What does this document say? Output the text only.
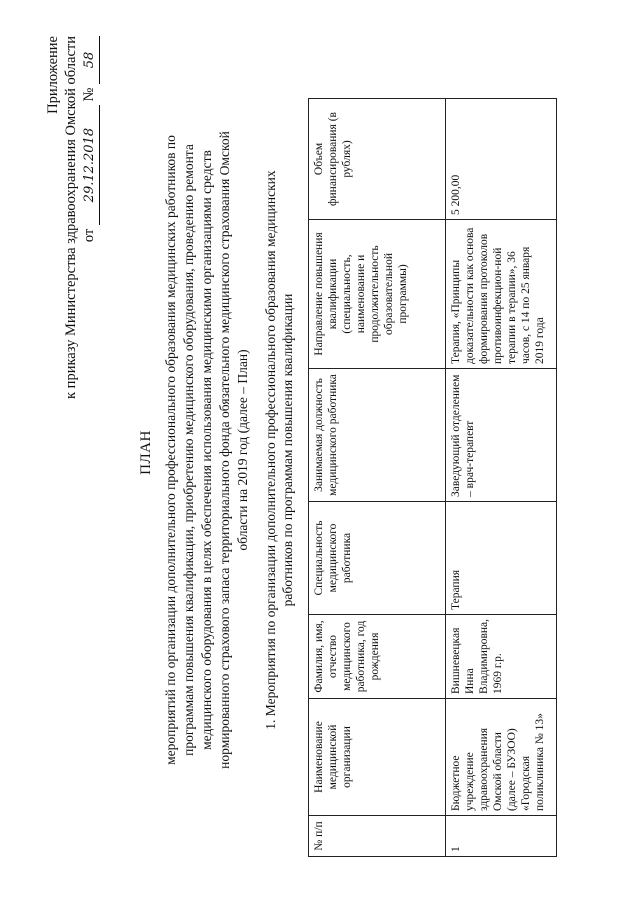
Приложение к приказу Министерства здравоохранения Омской области от 29.12.2018 № 58
ПЛАН мероприятий по организации дополнительного профессионального образования медицинских работников по программам повышения квалификации, приобретению медицинского оборудования, проведению ремонта медицинского оборудования в целях обеспечения использования медицинскими организациями средств нормированного страхового запаса территориального фонда обязательного медицинского страхования Омской области на 2019 год (далее – План) 1. Мероприятия по организации дополнительного профессионального образования медицинских работников по программам повышения квалификации
№ п/п	Наименование медицинской организации	Фамилия, имя, отчество медицинского работника, год рождения	Специальность медицинского работника	Занимаемая должность медицинского работника	Направление повышения квалификации (специальность, наименование и продолжительность образовательной программы)	Объем финансирования (в рублях)
1	Бюджетное учреждение здравоохранения Омской области (далее – БУЗОО) «Городская поликлиника № 13»	Вишневецкая Инна Владимировна, 1969 г.р.	Терапия	Заведующий отделением – врач-терапевт	Терапия, «Принципы доказательности как основа формирования протоколов противоинфекцион-ной терапии в терапии», 36 часов, с 14 по 25 января 2019 года	5 200,00
